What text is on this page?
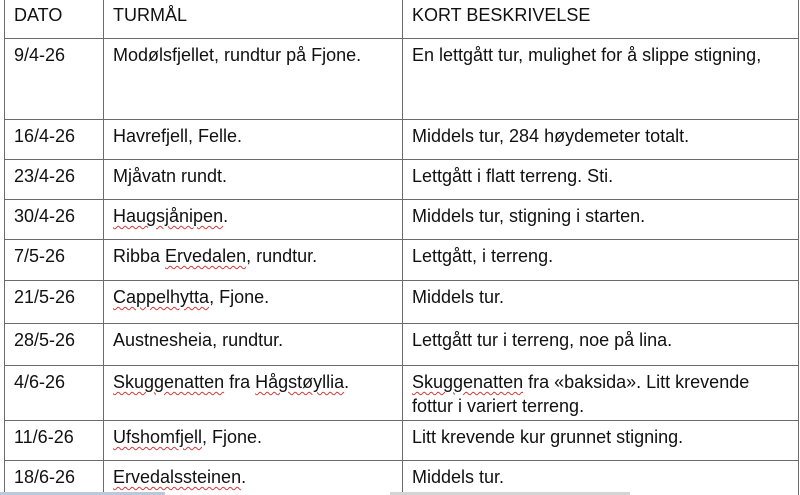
DATO	TURMÅL	KORT BESKRIVELSE
9/4-26	Modølsfjellet, rundtur på Fjone.	En lettgått tur, mulighet for å slippe stigning,
16/4-26	Havrefjell, Felle.	Middels tur, 284 høydemeter totalt.
23/4-26	Mjåvatn rundt.	Lettgått i flatt terreng. Sti.
30/4-26	Haugsjånipen.	Middels tur, stigning i starten.
7/5-26	Ribba Ervedalen, rundtur.	Lettgått, i terreng.
21/5-26	Cappelhytta, Fjone.	Middels tur.
28/5-26	Austnesheia, rundtur.	Lettgått tur i terreng, noe på lina.
4/6-26	Skuggenatten fra Hågstøyllia.	Skuggenatten fra «baksida». Litt krevende fottur i variert terreng.
11/6-26	Ufshomfjell, Fjone.	Litt krevende kur grunnet stigning.
18/6-26	Ervedalssteinen.	Middels tur.
